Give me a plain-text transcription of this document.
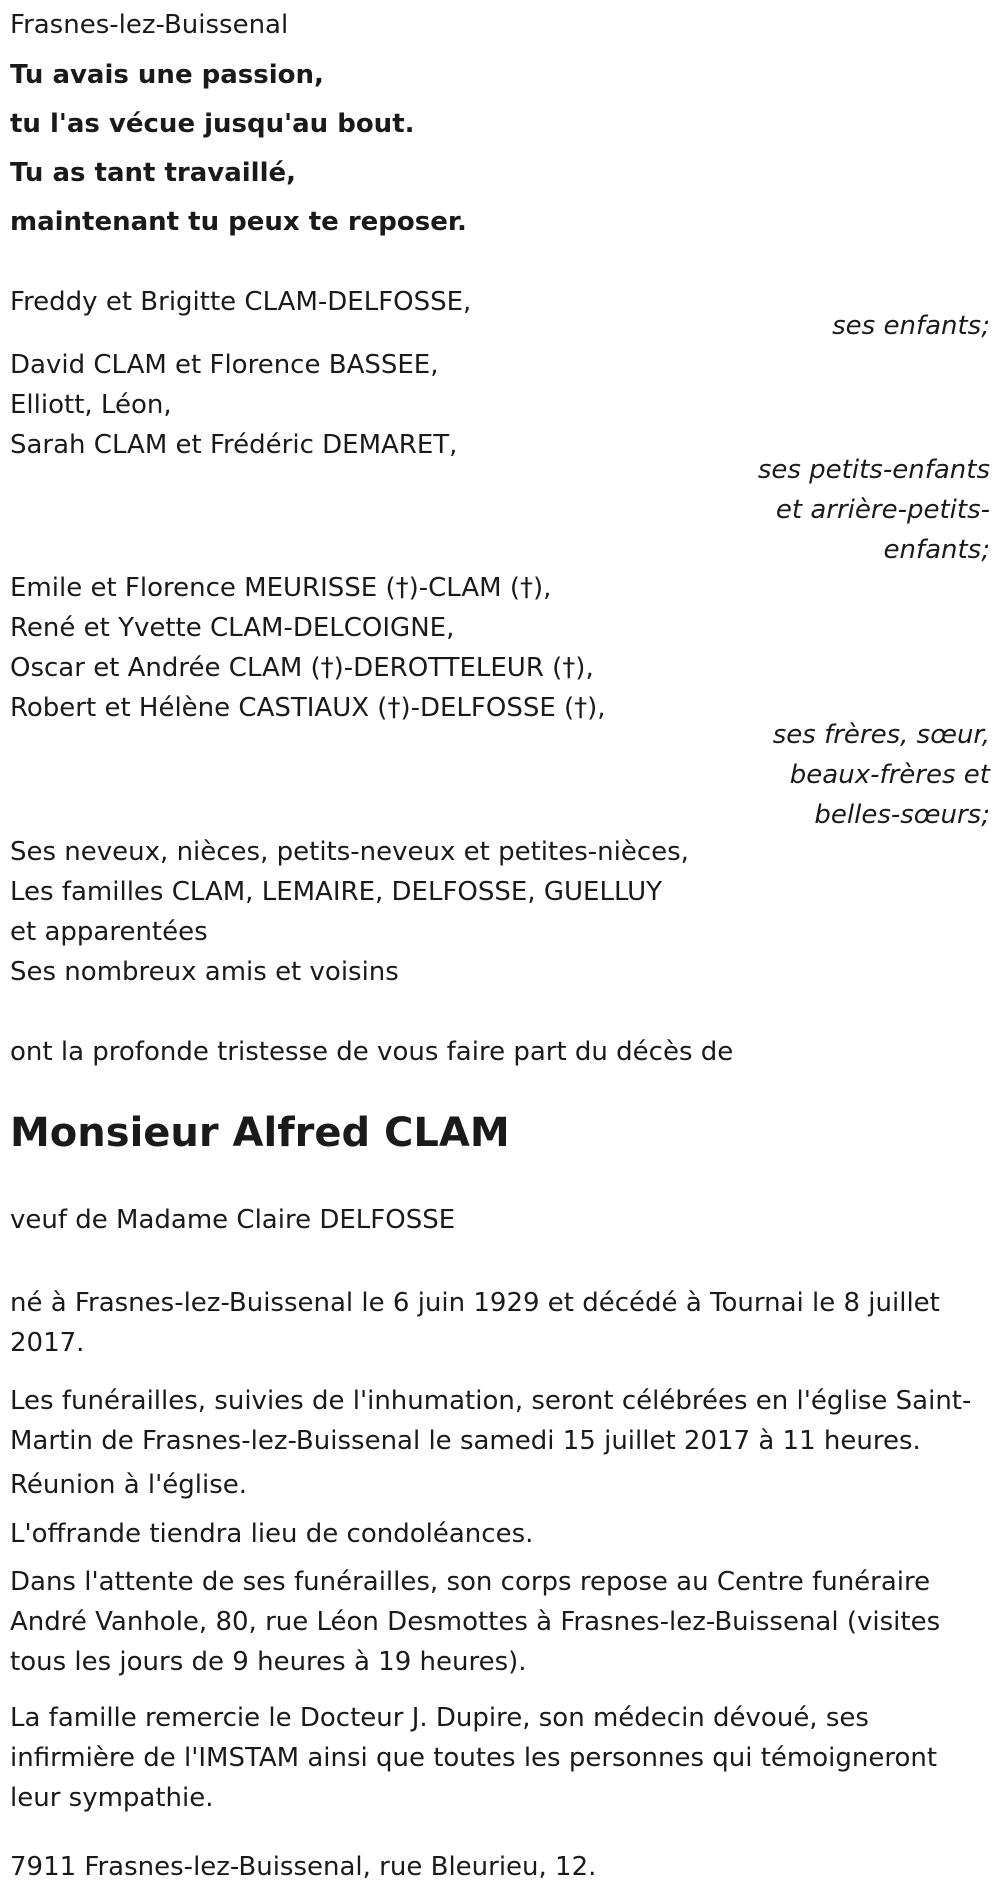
Frasnes-lez-Buissenal

Tu avais une passion,

tu l'as vécue jusqu'au bout.

Tu as tant travaillé,

maintenant tu peux te reposer.

Freddy et Brigitte CLAM-DELFOSSE,

ses enfants;

David CLAM et Florence BASSEE,

Elliott, Léon,

Sarah CLAM et Frédéric DEMARET,

ses petits-enfants
et arrière-petits-
enfants;

Emile et Florence MEURISSE (†)-CLAM (†),

René et Yvette CLAM-DELCOIGNE,

Oscar et Andrée CLAM (†)-DEROTTELEUR (†),

Robert et Hélène CASTIAUX (†)-DELFOSSE (†),

ses frères, sœur,
beaux-frères et
belles-sœurs;

Ses neveux, nièces, petits-neveux et petites-nièces,

Les familles CLAM, LEMAIRE, DELFOSSE, GUELLUY

et apparentées

Ses nombreux amis et voisins

ont la profonde tristesse de vous faire part du décès de

Monsieur Alfred CLAM

veuf de Madame Claire DELFOSSE

né à Frasnes-lez-Buissenal le 6 juin 1929 et décédé à Tournai le 8 juillet 2017.

Les funérailles, suivies de l'inhumation, seront célébrées en l'église Saint-Martin de Frasnes-lez-Buissenal le samedi 15 juillet 2017 à 11 heures.

Réunion à l'église.

L'offrande tiendra lieu de condoléances.

Dans l'attente de ses funérailles, son corps repose au Centre funéraire André Vanhole, 80, rue Léon Desmottes à Frasnes-lez-Buissenal (visites tous les jours de 9 heures à 19 heures).

La famille remercie le Docteur J. Dupire, son médecin dévoué, ses infirmière de l'IMSTAM ainsi que toutes les personnes qui témoigneront leur sympathie.

7911 Frasnes-lez-Buissenal, rue Bleurieu, 12.
